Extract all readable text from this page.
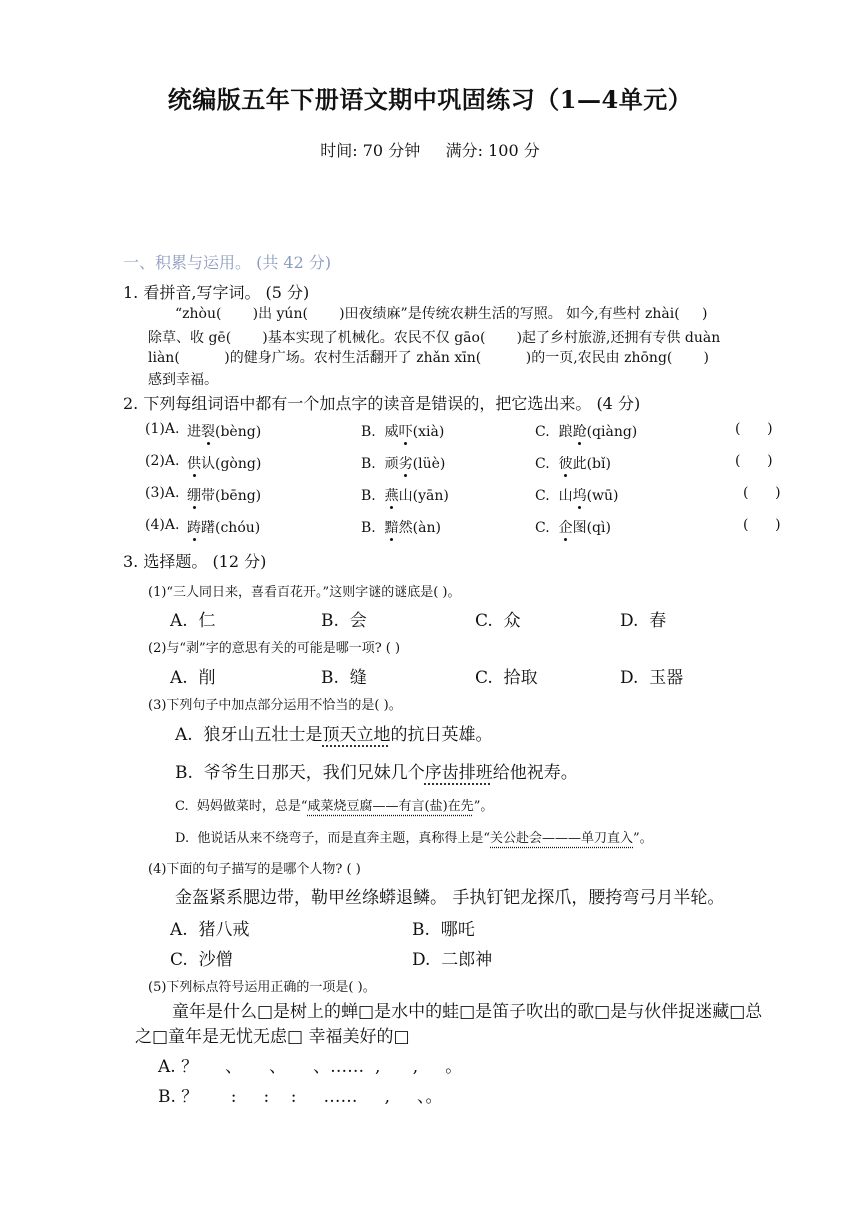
统编版五年下册语文期中巩固练习（1—4单元）
时间: 70 分钟     满分: 100 分
一、积累与运用。 (共 42 分)
1. 看拼音,写字词。 (5 分)
“zhòu(       )出 yún(       )田夜绩麻”是传统农耕生活的写照。 如今,有些村 zhài(     )
除草、收 gē(       )基本实现了机械化。农民不仅 gāo(       )起了乡村旅游,还拥有专供 duàn
liàn(          )的健身广场。农村生活翻开了 zhǎn xīn(          )的一页,农民由 zhōng(       )
感到幸福。
2. 下列每组词语中都有一个加点字的读音是错误的，把它选出来。 (4 分)
(1)A. 进裂(bèng)	B.  威吓(xià)	C.  踉跄(qiàng)	(      )
(2)A. 供认(gòng)	B.  顽劣(lüè)	C.  彼此(bǐ)	(      )
(3)A. 绷带(bēng)	B.  燕山(yān)	C.  山坞(wū)	(      )
(4)A. 踌躇(chóu)	B.  黯然(àn)	C.  企图(qì)	(      )
3. 选择题。 (12 分)
(1)“三人同日来，喜看百花开。”这则字谜的谜底是( )。
A.  仁	B.  会	C.  众	D.  春
(2)与“剥”字的意思有关的可能是哪一项? ( )
A.  削	B.  缝	C.  拾取	D.  玉器
(3)下列句子中加点部分运用不恰当的是( )。
A.  狼牙山五壮士是顶天立地的抗日英雄。
B.  爷爷生日那天，我们兄妹几个序齿排班给他祝寿。
C.  妈妈做菜时，总是“咸菜烧豆腐——有言(盐)在先”。
D.  他说话从来不绕弯子，而是直奔主题，真称得上是“关公赴会———单刀直入”。
(4)下面的句子描写的是哪个人物? ( )
金盔紧系腮边带，勒甲丝绦蟒退鳞。 手执钉钯龙探爪，腰挎弯弓月半轮。
A.  猪八戒	B.  哪吒
C.  沙僧	D.  二郎神
(5)下列标点符号运用正确的一项是( )。
童年是什么□是树上的蝉□是水中的蛙□是笛子吹出的歌□是与伙伴捉迷藏□总
之□童年是无忧无虑□ 幸福美好的□
A. ？     、     、     、……  ,      ,     。
B. ？      :     :    :     ……     ,     、。
